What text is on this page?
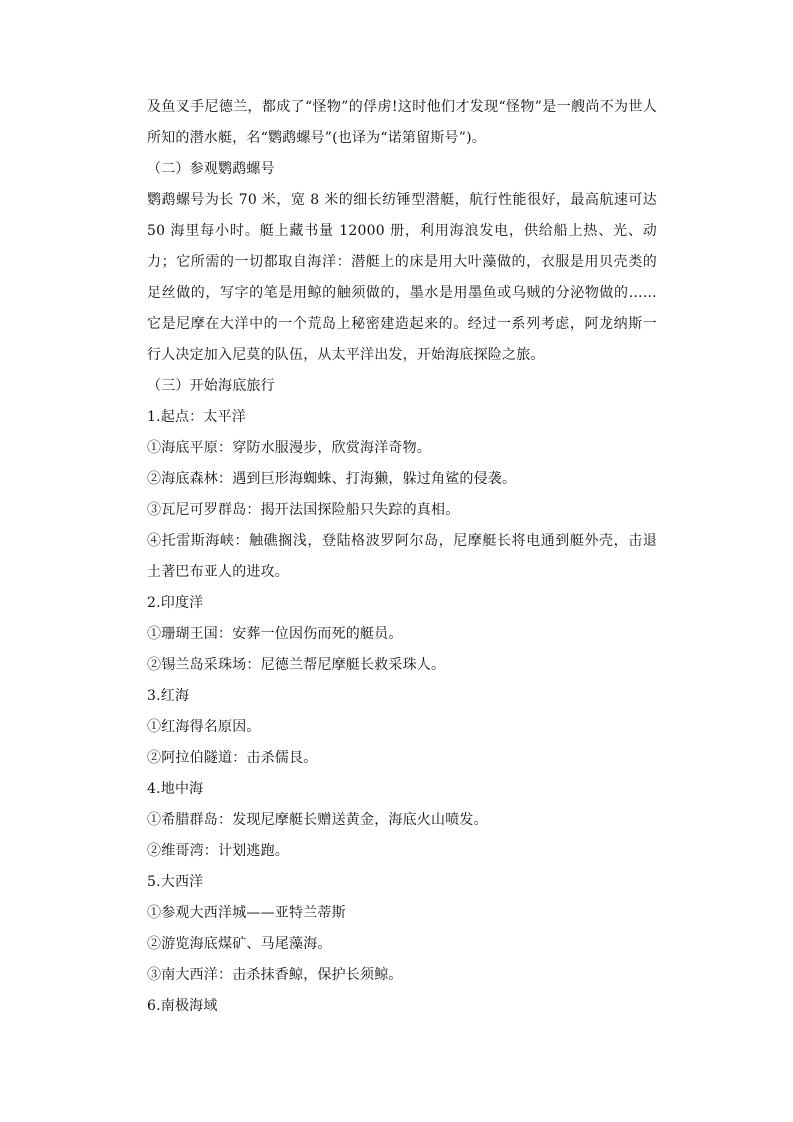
及鱼叉手尼德兰，都成了“怪物”的俘虏!这时他们才发现“怪物”是一艘尚不为世人所知的潜水艇，名“鹦鹉螺号”(也译为“诺第留斯号”)。

（二）参观鹦鹉螺号

鹦鹉螺号为长 70 米，宽 8 米的细长纺锤型潜艇，航行性能很好，最高航速可达 50 海里每小时。艇上藏书量 12000 册，利用海浪发电，供给船上热、光、动力；它所需的一切都取自海洋：潜艇上的床是用大叶藻做的，衣服是用贝壳类的足丝做的，写字的笔是用鲸的触须做的，墨水是用墨鱼或乌贼的分泌物做的……它是尼摩在大洋中的一个荒岛上秘密建造起来的。经过一系列考虑，阿龙纳斯一行人决定加入尼莫的队伍，从太平洋出发，开始海底探险之旅。

（三）开始海底旅行

1.起点：太平洋

①海底平原：穿防水服漫步，欣赏海洋奇物。

②海底森林：遇到巨形海蜘蛛、打海獭，躲过角鲨的侵袭。

③瓦尼可罗群岛：揭开法国探险船只失踪的真相。

④托雷斯海峡：触礁搁浅，登陆格波罗阿尔岛，尼摩艇长将电通到艇外壳，击退土著巴布亚人的进攻。

2.印度洋

①珊瑚王国：安葬一位因伤而死的艇员。

②锡兰岛采珠场：尼德兰帮尼摩艇长救采珠人。

3.红海

①红海得名原因。

②阿拉伯隧道：击杀儒艮。

4.地中海

①希腊群岛：发现尼摩艇长赠送黄金，海底火山喷发。

②维哥湾：计划逃跑。

5.大西洋

①参观大西洋城——亚特兰蒂斯

②游览海底煤矿、马尾藻海。

③南大西洋：击杀抹香鲸，保护长须鲸。

6.南极海域
